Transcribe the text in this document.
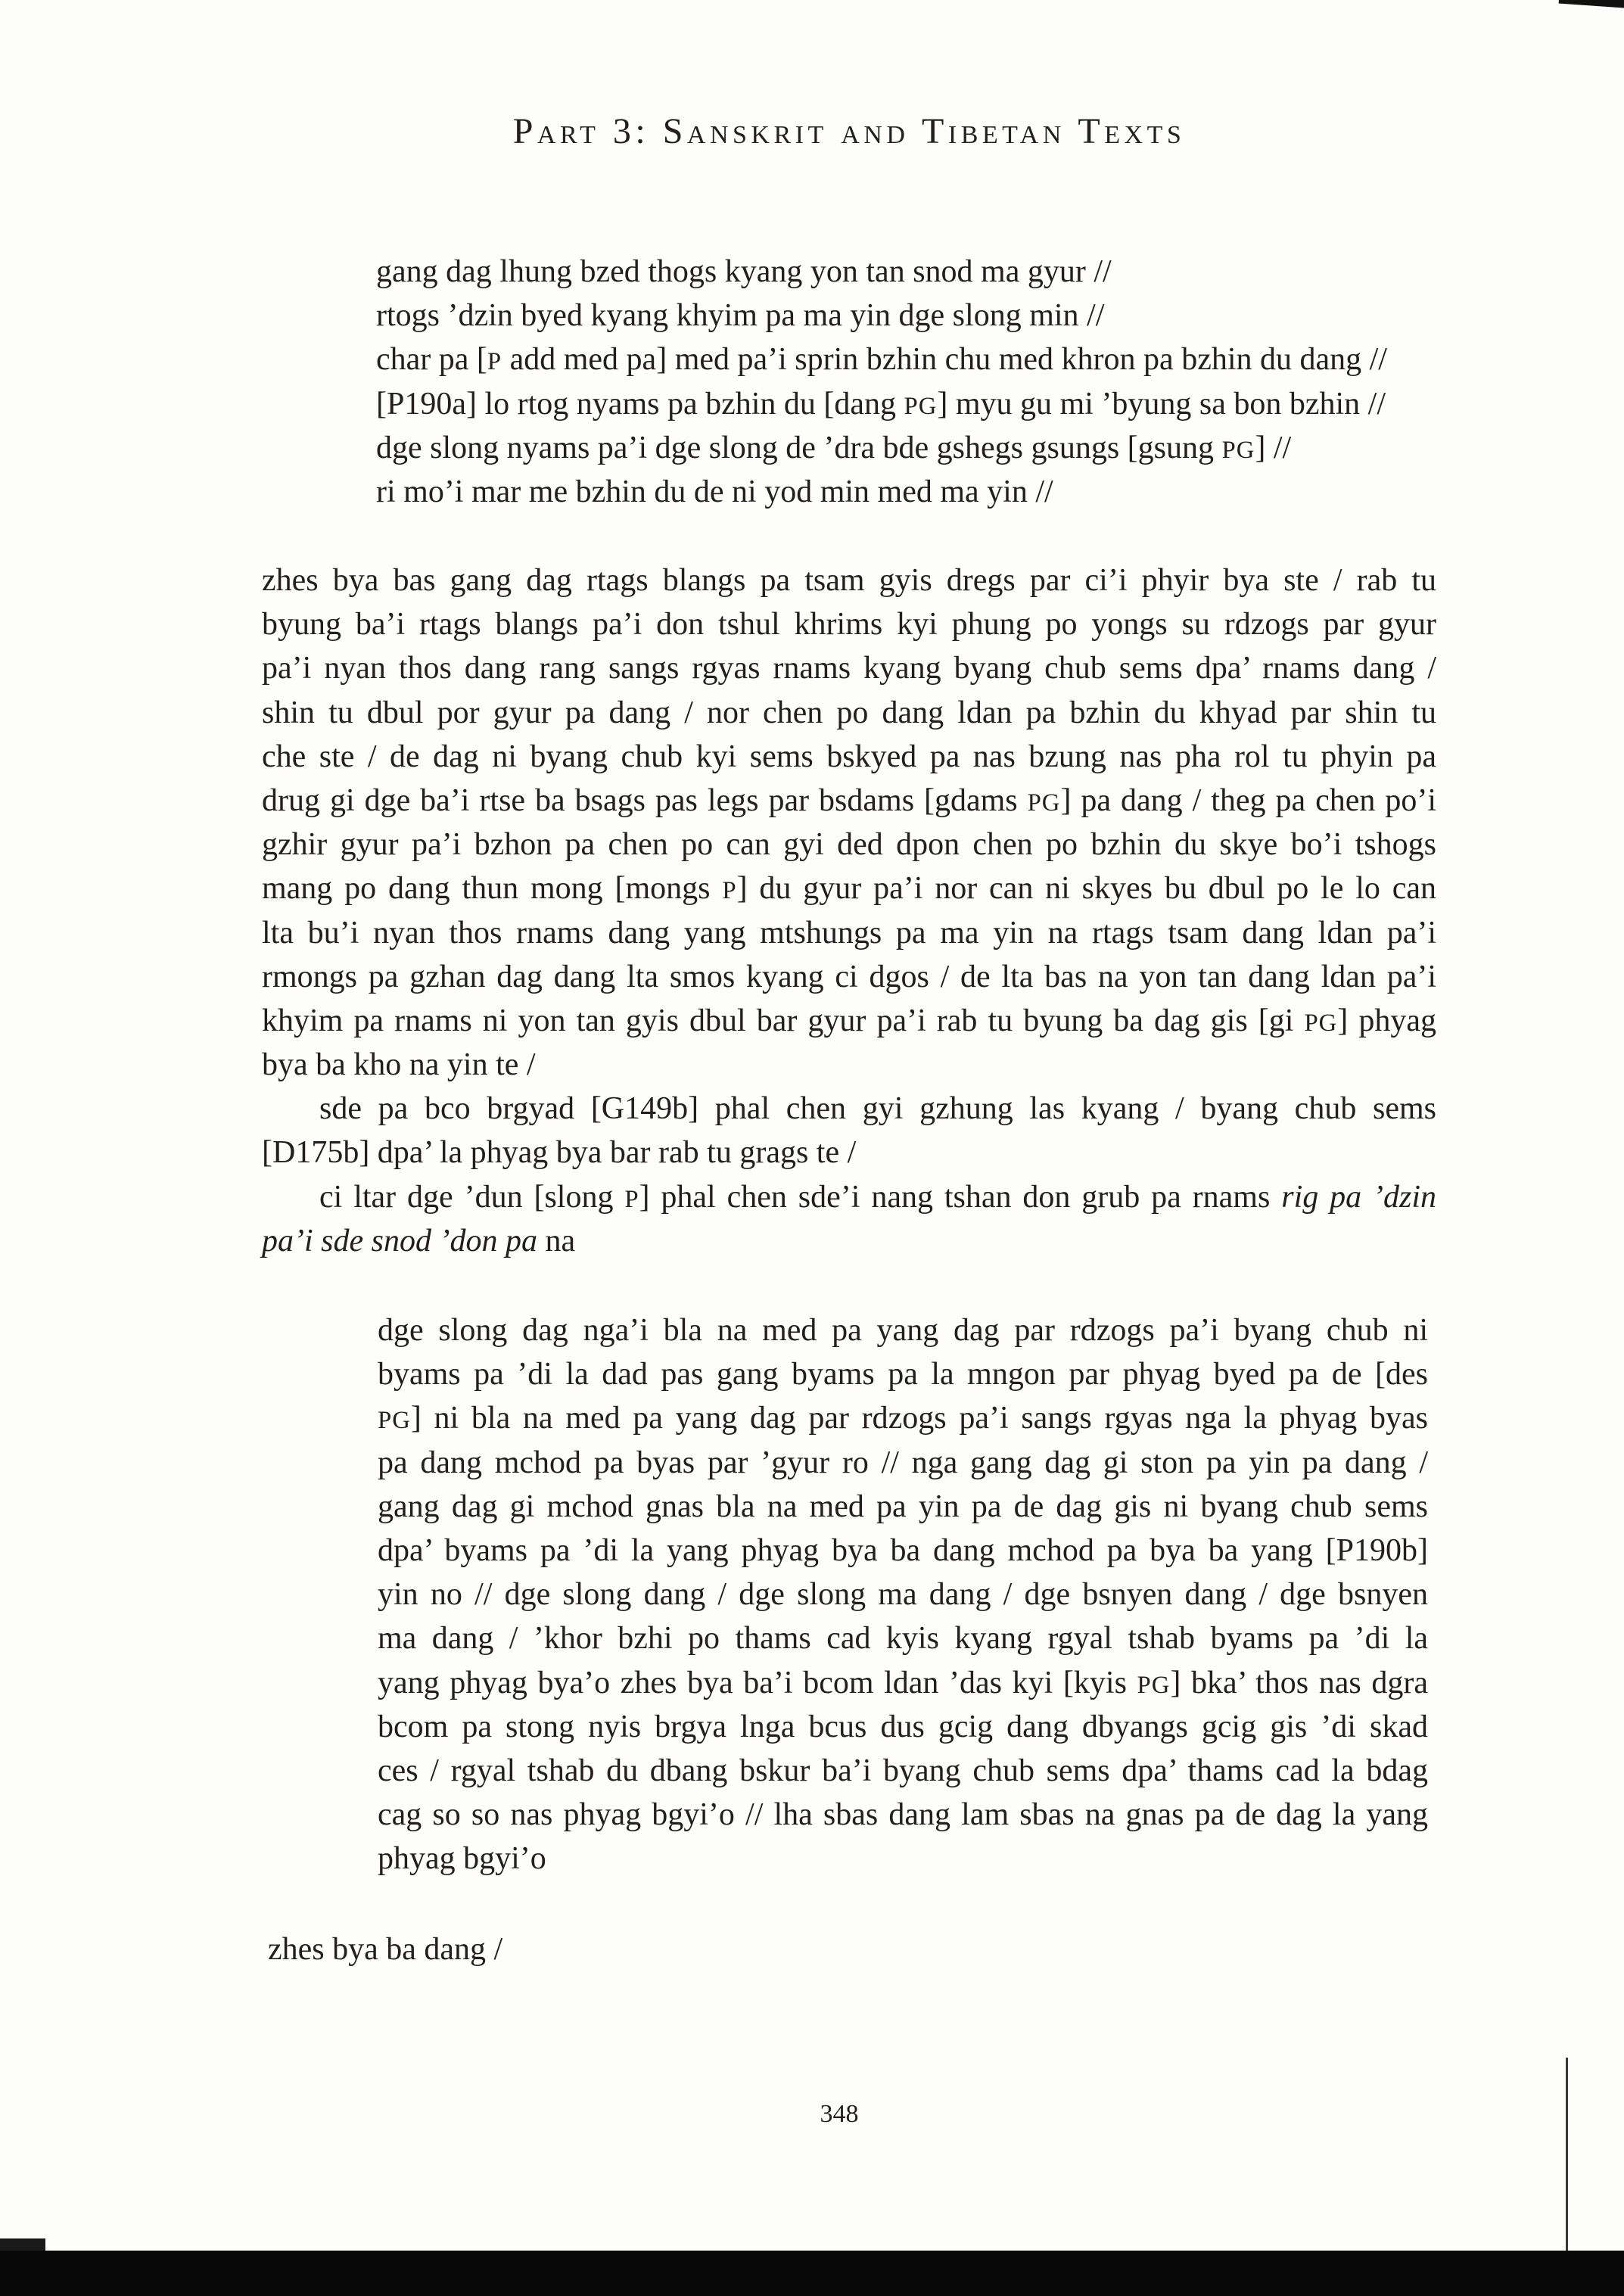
Part 3: Sanskrit and Tibetan Texts
gang dag lhung bzed thogs kyang yon tan snod ma gyur //
rtogs ’dzin byed kyang khyim pa ma yin dge slong min //
char pa [P add med pa] med pa’i sprin bzhin chu med khron pa bzhin du dang //
[P190a] lo rtog nyams pa bzhin du [dang PG] myu gu mi ’byung sa bon bzhin //
dge slong nyams pa’i dge slong de ’dra bde gshegs gsungs [gsung PG] //
ri mo’i mar me bzhin du de ni yod min med ma yin //
zhes bya bas gang dag rtags blangs pa tsam gyis dregs par ci’i phyir bya ste / rab tu
byung ba’i rtags blangs pa’i don tshul khrims kyi phung po yongs su rdzogs par gyur
pa’i nyan thos dang rang sangs rgyas rnams kyang byang chub sems dpa’ rnams dang /
shin tu dbul por gyur pa dang / nor chen po dang ldan pa bzhin du khyad par shin tu
che ste / de dag ni byang chub kyi sems bskyed pa nas bzung nas pha rol tu phyin pa
drug gi dge ba’i rtse ba bsags pas legs par bsdams [gdams PG] pa dang / theg pa chen po’i
gzhir gyur pa’i bzhon pa chen po can gyi ded dpon chen po bzhin du skye bo’i tshogs
mang po dang thun mong [mongs P] du gyur pa’i nor can ni skyes bu dbul po le lo can
lta bu’i nyan thos rnams dang yang mtshungs pa ma yin na rtags tsam dang ldan pa’i
rmongs pa gzhan dag dang lta smos kyang ci dgos / de lta bas na yon tan dang ldan pa’i
khyim pa rnams ni yon tan gyis dbul bar gyur pa’i rab tu byung ba dag gis [gi PG] phyag
bya ba kho na yin te /
sde pa bco brgyad [G149b] phal chen gyi gzhung las kyang / byang chub sems
[D175b] dpa’ la phyag bya bar rab tu grags te /
ci ltar dge ’dun [slong P] phal chen sde’i nang tshan don grub pa rnams rig pa ’dzin
pa’i sde snod ’don pa na
dge slong dag nga’i bla na med pa yang dag par rdzogs pa’i byang chub ni
byams pa ’di la dad pas gang byams pa la mngon par phyag byed pa de [des
PG] ni bla na med pa yang dag par rdzogs pa’i sangs rgyas nga la phyag byas
pa dang mchod pa byas par ’gyur ro // nga gang dag gi ston pa yin pa dang /
gang dag gi mchod gnas bla na med pa yin pa de dag gis ni byang chub sems
dpa’ byams pa ’di la yang phyag bya ba dang mchod pa bya ba yang [P190b]
yin no // dge slong dang / dge slong ma dang / dge bsnyen dang / dge bsnyen
ma dang / ’khor bzhi po thams cad kyis kyang rgyal tshab byams pa ’di la
yang phyag bya’o zhes bya ba’i bcom ldan ’das kyi [kyis PG] bka’ thos nas dgra
bcom pa stong nyis brgya lnga bcus dus gcig dang dbyangs gcig gis ’di skad
ces / rgyal tshab du dbang bskur ba’i byang chub sems dpa’ thams cad la bdag
cag so so nas phyag bgyi’o // lha sbas dang lam sbas na gnas pa de dag la yang
phyag bgyi’o
zhes bya ba dang /
348
